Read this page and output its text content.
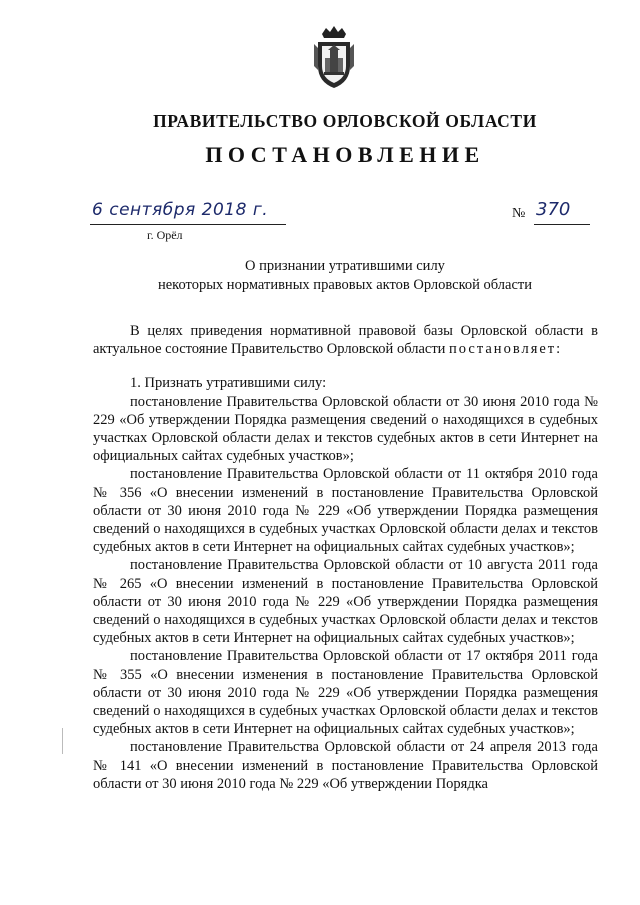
ПРАВИТЕЛЬСТВО ОРЛОВСКОЙ ОБЛАСТИ
ПОСТАНОВЛЕНИЕ
6 сентября 2018 г.	№ 370
г. Орёл
О признании утратившими силу
некоторых нормативных правовых актов Орловской области

В целях приведения нормативной правовой базы Орловской области в актуальное состояние Правительство Орловской области постановляет:

1. Признать утратившими силу:

постановление Правительства Орловской области от 30 июня 2010 года № 229 «Об утверждении Порядка размещения сведений о находящихся в судебных участках Орловской области делах и текстов судебных актов в сети Интернет на официальных сайтах судебных участков»;

постановление Правительства Орловской области от 11 октября 2010 года № 356 «О внесении изменений в постановление Правительства Орловской области от 30 июня 2010 года № 229 «Об утверждении Порядка размещения сведений о находящихся в судебных участках Орловской области делах и текстов судебных актов в сети Интернет на официальных сайтах судебных участков»;

постановление Правительства Орловской области от 10 августа 2011 года № 265 «О внесении изменений в постановление Правительства Орловской области от 30 июня 2010 года № 229 «Об утверждении Порядка размещения сведений о находящихся в судебных участках Орловской области делах и текстов судебных актов в сети Интернет на официальных сайтах судебных участков»;

постановление Правительства Орловской области от 17 октября 2011 года № 355 «О внесении изменения в постановление Правительства Орловской области от 30 июня 2010 года № 229 «Об утверждении Порядка размещения сведений о находящихся в судебных участках Орловской области делах и текстов судебных актов в сети Интернет на официальных сайтах судебных участков»;

постановление Правительства Орловской области от 24 апреля 2013 года № 141 «О внесении изменений в постановление Правительства Орловской области от 30 июня 2010 года № 229 «Об утверждении Порядка
